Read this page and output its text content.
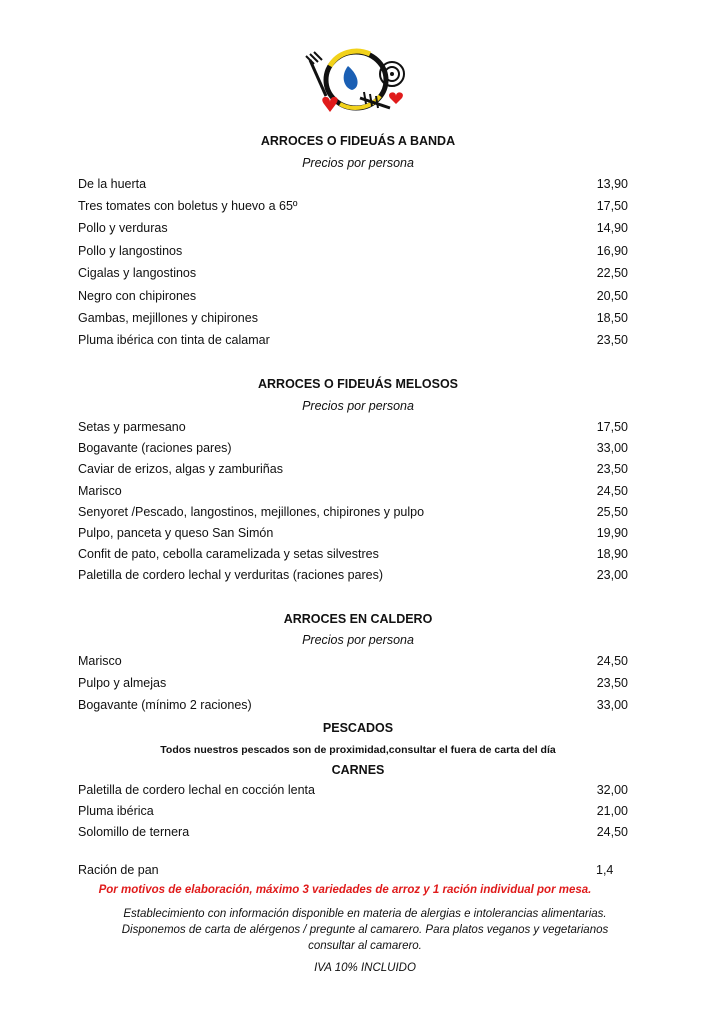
ARROCES O FIDEUÁS A BANDA
Precios por persona
De la huerta	13,90
Tres tomates con boletus y huevo a 65º	17,50
Pollo y verduras	14,90
Pollo y langostinos	16,90
Cigalas y langostinos	22,50
Negro con chipirones	20,50
Gambas, mejillones y chipirones	18,50
Pluma ibérica con tinta de calamar	23,50
ARROCES O FIDEUÁS MELOSOS
Precios por persona
Setas y parmesano	17,50
Bogavante (raciones pares)	33,00
Caviar de erizos, algas y zamburiñas	23,50
Marisco	24,50
Senyoret /Pescado, langostinos, mejillones, chipirones y pulpo	25,50
Pulpo, panceta y queso San Simón	19,90
Confit de pato, cebolla caramelizada y setas silvestres	18,90
Paletilla de cordero lechal y verduritas (raciones pares)	23,00
ARROCES EN CALDERO
Precios por persona
Marisco	24,50
Pulpo y almejas	23,50
Bogavante (mínimo 2 raciones)	33,00
PESCADOS
Todos nuestros pescados son de proximidad,consultar el fuera de carta del día
CARNES
Paletilla de cordero lechal en cocción lenta	32,00
Pluma ibérica	21,00
Solomillo de ternera	24,50
Ración de pan	1,4
Por motivos de elaboración, máximo 3 variedades de arroz y 1 ración individual por mesa.
Establecimiento con información disponible en materia de alergias e intolerancias alimentarias.
Disponemos de carta de alérgenos / pregunte al camarero. Para platos veganos y vegetarianos
consultar al camarero.
IVA 10% INCLUIDO
